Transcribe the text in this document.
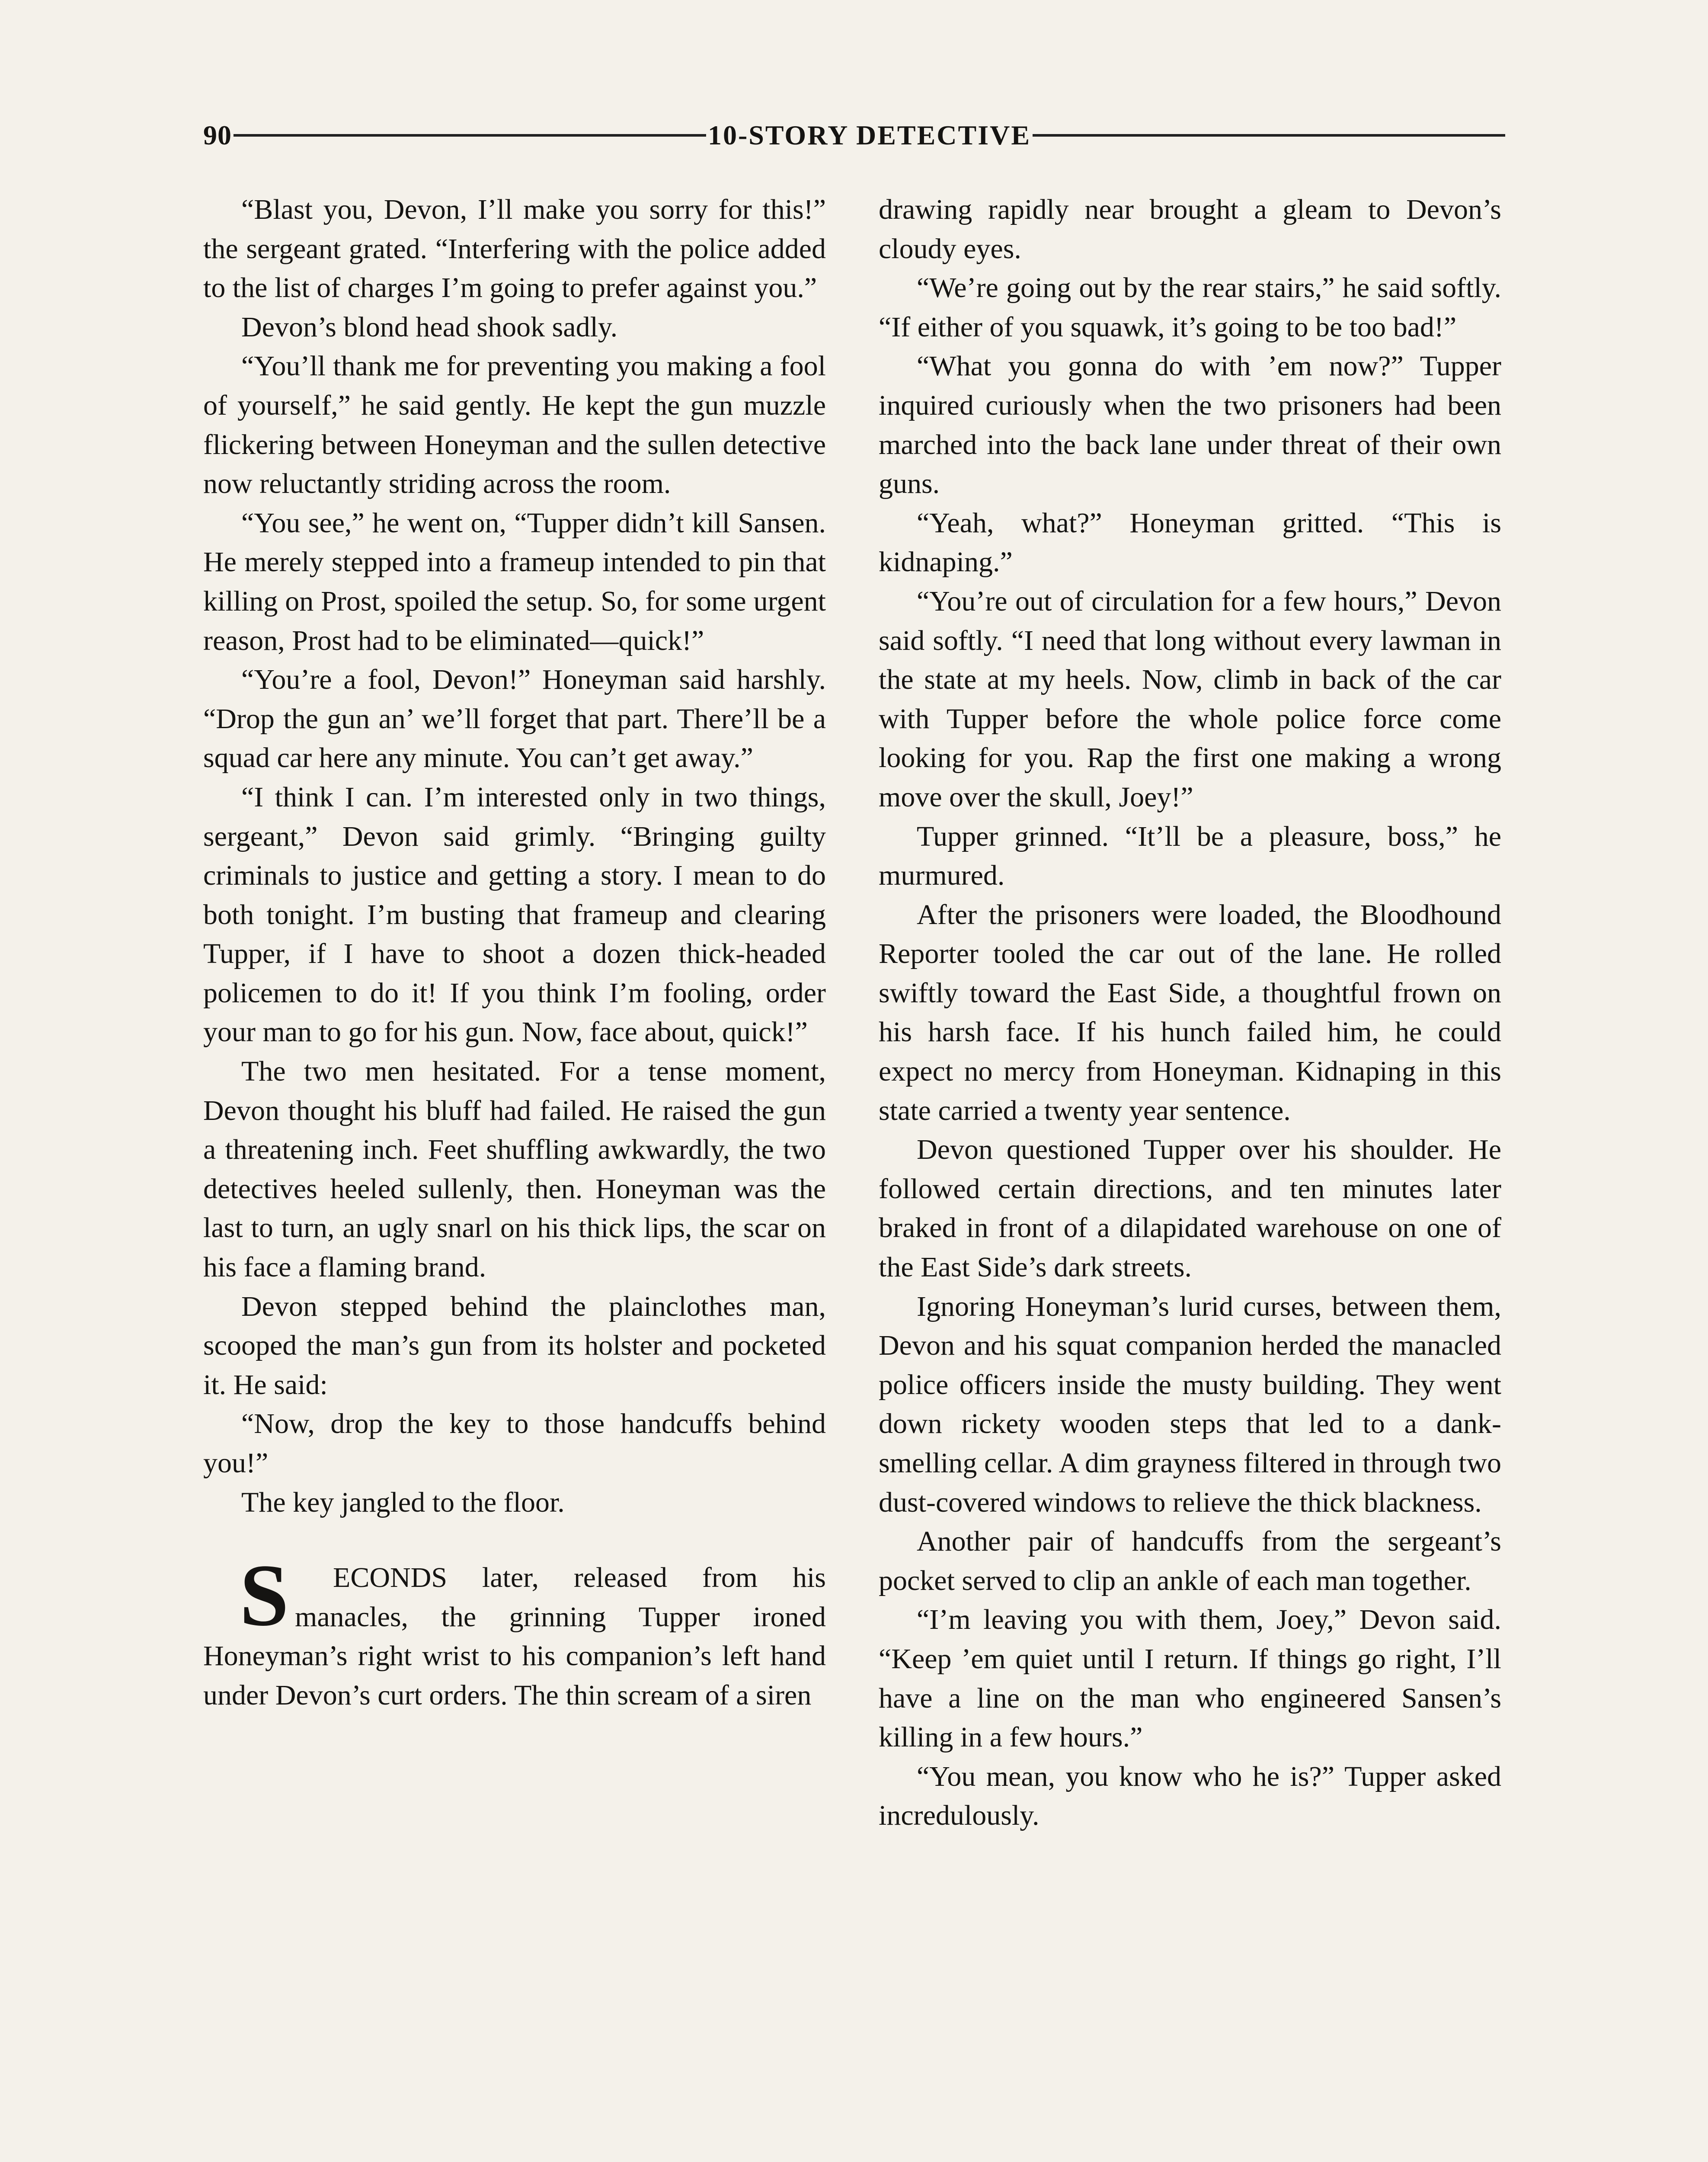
90	10-STORY DETECTIVE

“Blast you, Devon, I’ll make you sorry for this!” the sergeant grated. “Interfering with the police added to the list of charges I’m going to prefer against you.”

Devon’s blond head shook sadly.

“You’ll thank me for preventing you making a fool of yourself,” he said gently. He kept the gun muzzle flickering between Honeyman and the sullen detective now reluctantly striding across the room.

“You see,” he went on, “Tupper didn’t kill Sansen. He merely stepped into a frameup intended to pin that killing on Prost, spoiled the setup. So, for some urgent reason, Prost had to be eliminated—quick!”

“You’re a fool, Devon!” Honeyman said harshly. “Drop the gun an’ we’ll forget that part. There’ll be a squad car here any minute. You can’t get away.”

“I think I can. I’m interested only in two things, sergeant,” Devon said grimly. “Bringing guilty criminals to justice and getting a story. I mean to do both tonight. I’m busting that frameup and clearing Tupper, if I have to shoot a dozen thick-headed policemen to do it! If you think I’m fooling, order your man to go for his gun. Now, face about, quick!”

The two men hesitated. For a tense moment, Devon thought his bluff had failed. He raised the gun a threatening inch. Feet shuffling awkwardly, the two detectives heeled sullenly, then. Honeyman was the last to turn, an ugly snarl on his thick lips, the scar on his face a flaming brand.

Devon stepped behind the plainclothes man, scooped the man’s gun from its holster and pocketed it. He said:

“Now, drop the key to those handcuffs behind you!”

The key jangled to the floor.

S ECONDS later, released from his manacles, the grinning Tupper ironed Honeyman’s right wrist to his companion’s left hand under Devon’s curt orders. The thin scream of a siren

drawing rapidly near brought a gleam to Devon’s cloudy eyes.

“We’re going out by the rear stairs,” he said softly. “If either of you squawk, it’s going to be too bad!”

“What you gonna do with ’em now?” Tupper inquired curiously when the two prisoners had been marched into the back lane under threat of their own guns.

“Yeah, what?” Honeyman gritted. “This is kidnaping.”

“You’re out of circulation for a few hours,” Devon said softly. “I need that long without every lawman in the state at my heels. Now, climb in back of the car with Tupper before the whole police force come looking for you. Rap the first one making a wrong move over the skull, Joey!”

Tupper grinned. “It’ll be a pleasure, boss,” he murmured.

After the prisoners were loaded, the Bloodhound Reporter tooled the car out of the lane. He rolled swiftly toward the East Side, a thoughtful frown on his harsh face. If his hunch failed him, he could expect no mercy from Honeyman. Kidnaping in this state carried a twenty year sentence.

Devon questioned Tupper over his shoulder. He followed certain directions, and ten minutes later braked in front of a dilapidated warehouse on one of the East Side’s dark streets.

Ignoring Honeyman’s lurid curses, between them, Devon and his squat companion herded the manacled police officers inside the musty building. They went down rickety wooden steps that led to a dank-smelling cellar. A dim grayness filtered in through two dust-covered windows to relieve the thick blackness.

Another pair of handcuffs from the sergeant’s pocket served to clip an ankle of each man together.

“I’m leaving you with them, Joey,” Devon said. “Keep ’em quiet until I return. If things go right, I’ll have a line on the man who engineered Sansen’s killing in a few hours.”

“You mean, you know who he is?” Tupper asked incredulously.
